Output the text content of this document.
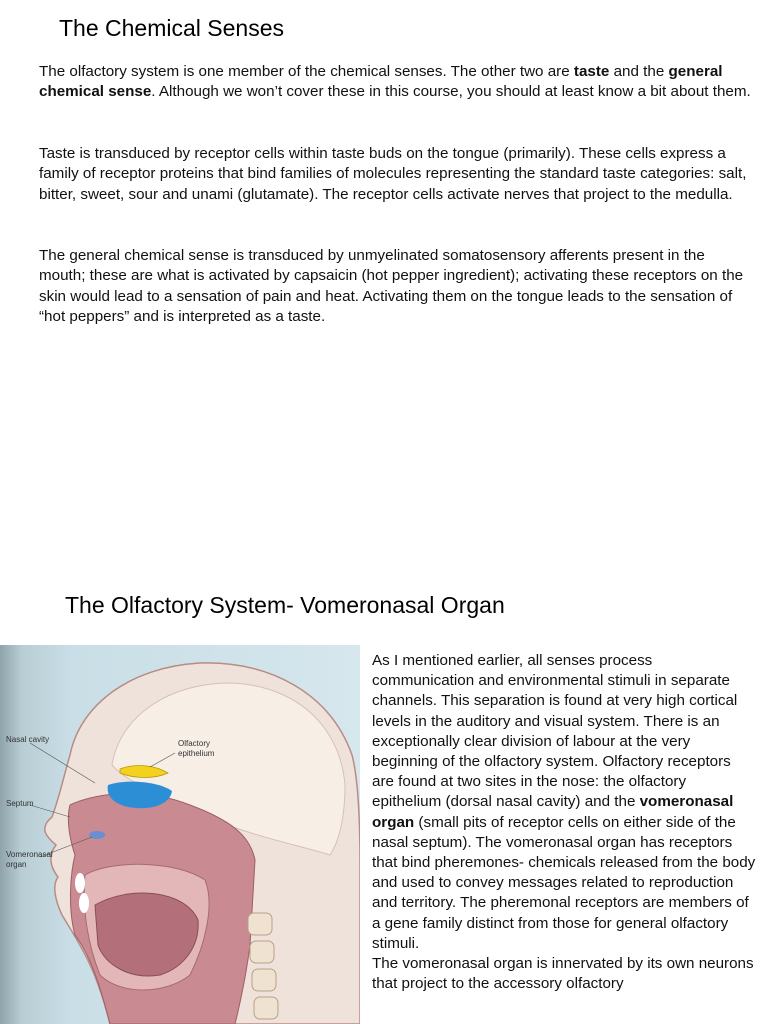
The Chemical Senses

The olfactory system is one member of the chemical senses. The other two are taste and the general chemical sense. Although we won’t cover these in this course, you should at least know a bit about them.

Taste is transduced by receptor cells within taste buds on the tongue (primarily). These cells express a family of receptor proteins that bind families of molecules representing the standard taste categories: salt, bitter, sweet, sour and unami (glutamate). The receptor cells activate nerves that project to the medulla.

The general chemical sense is transduced by unmyelinated somatosensory afferents present in the mouth; these are what is activated by capsaicin (hot pepper ingredient); activating these receptors on the skin would lead to a sensation of pain and heat. Activating them on the tongue leads to the sensation of “hot peppers” and is interpreted as a taste.

The Olfactory System- Vomeronasal Organ
Nasal cavity	Olfactory
epithelium
Septum
Vomeronasal
organ

As I mentioned earlier, all senses process communication and environmental stimuli in separate channels. This separation is found at very high cortical levels in the auditory and visual system. There is an exceptionally clear division of labour at the very beginning of the olfactory system. Olfactory receptors are found at two sites in the nose: the olfactory epithelium (dorsal nasal cavity) and the vomeronasal organ (small pits of receptor cells on either side of the nasal septum). The vomeronasal organ has receptors that bind pheremones- chemicals released from the body and used to convey messages related to reproduction and territory. The pheremonal receptors are members of a gene family distinct from those for general olfactory stimuli.
The vomeronasal organ is innervated by its own neurons that project to the accessory olfactory
